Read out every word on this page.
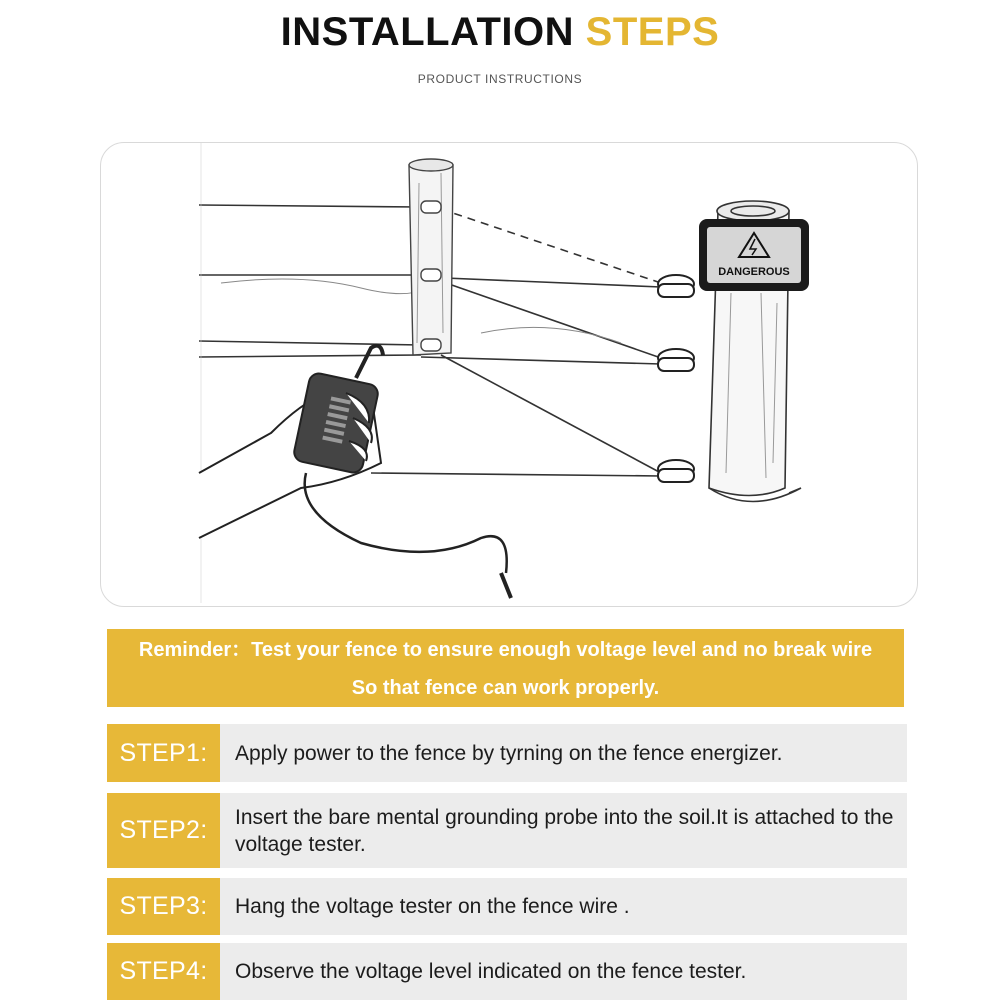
INSTALLATION STEPS
PRODUCT INSTRUCTIONS
DANGEROUS
Reminder：Test your fence to ensure enough voltage level and no break wire So that fence can work properly.
STEP1:	Apply power to the fence by tyrning on the fence energizer.
STEP2:	Insert the bare mental grounding probe into the soil.It is attached to the voltage tester.
STEP3:	Hang the voltage tester on the fence wire .
STEP4:	Observe the voltage level indicated on the fence tester.
